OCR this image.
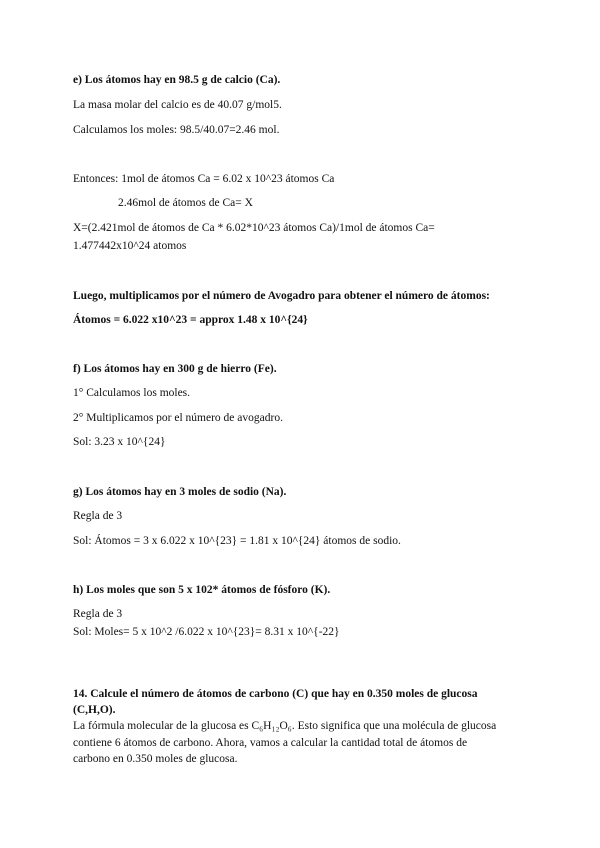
e) Los átomos hay en 98.5 g de calcio (Ca).
La masa molar del calcio es de 40.07 g/mol5.
Calculamos los moles: 98.5/40.07=2.46 mol.
Entonces: 1mol de átomos Ca = 6.02 x 10^23 átomos Ca
2.46mol de átomos de Ca= X
X=(2.421mol de átomos de Ca * 6.02*10^23 átomos Ca)/1mol de átomos Ca=
1.477442x10^24 atomos
Luego, multiplicamos por el número de Avogadro para obtener el número de átomos:
Átomos = 6.022 x10^23 = approx 1.48 x 10^{24}
f) Los átomos hay en 300 g de hierro (Fe).
1° Calculamos los moles.
2° Multiplicamos por el número de avogadro.
Sol: 3.23 x 10^{24}
g) Los átomos hay en 3 moles de sodio (Na).
Regla de 3
Sol: Átomos = 3 x 6.022 x 10^{23} = 1.81 x 10^{24} átomos de sodio.
h) Los moles que son 5 x 102* átomos de fósforo (K).
Regla de 3
Sol: Moles= 5 x 10^2 /6.022 x 10^{23}= 8.31 x 10^{-22}
14. Calcule el número de átomos de carbono (C) que hay en 0.350 moles de glucosa
(C,H,O).
La fórmula molecular de la glucosa es C₆H₁₂O₆. Esto significa que una molécula de glucosa
contiene 6 átomos de carbono. Ahora, vamos a calcular la cantidad total de átomos de
carbono en 0.350 moles de glucosa.
